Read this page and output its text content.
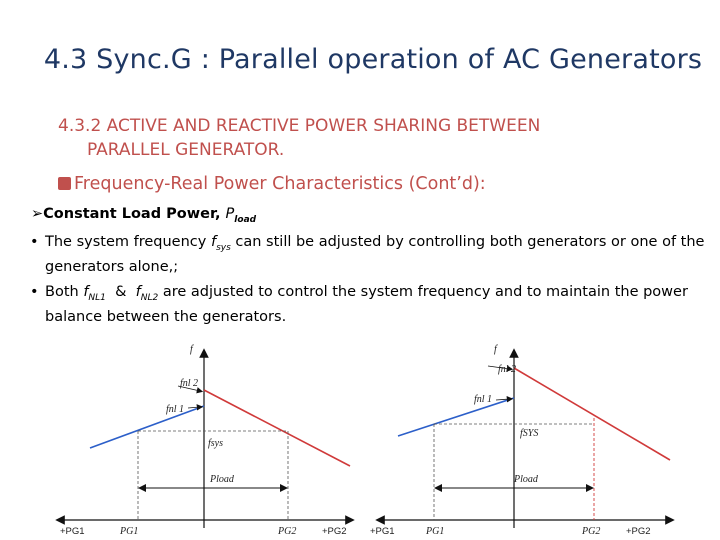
4.3 Sync.G : Parallel operation of AC Generators
4.3.2 ACTIVE AND REACTIVE POWER SHARING BETWEEN
PARALLEL GENERATOR.
Frequency-Real Power Characteristics (Cont’d):
➢Constant Load Power, $P_{load}$
• The system frequency $f_{sys}$ can still be adjusted by controlling both generators or one of the generators alone,;
• Both $f_{NL1}$  &  $f_{NL2}$ are adjusted to control the system frequency and to maintain the power balance between the generators.
f
fnl 2
fnl 1
fsys
Pload
PG1	PG2
+PG1	+PG2
f
fnl 2
fnl 1
fSYS
Pload
PG1	PG2
+PG1	+PG2
